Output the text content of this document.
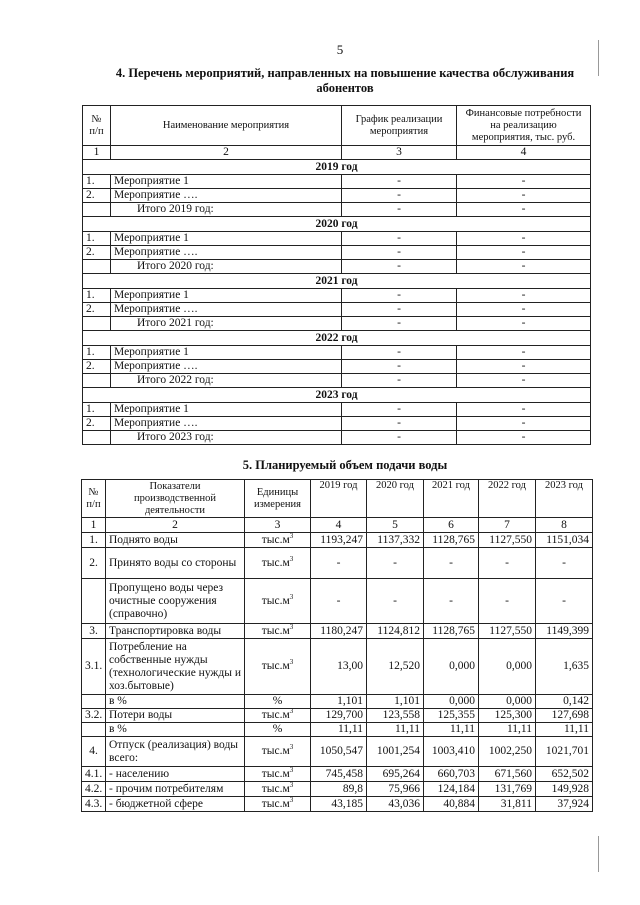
5
4. Перечень мероприятий, направленных на повышение качества обслуживания
абонентов
№ п/п	Наименование мероприятия	График реализации мероприятия	Финансовые потребности на реализацию мероприятия, тыс. руб.
1	2	3	4
2019 год			
1.	Мероприятие 1	-	-
2.	Мероприятие ….	-	-
	Итого 2019 год:	-	-
2020 год			
1.	Мероприятие 1	-	-
2.	Мероприятие ….	-	-
	Итого 2020 год:	-	-
2021 год			
1.	Мероприятие 1	-	-
2.	Мероприятие ….	-	-
	Итого 2021 год:	-	-
2022 год			
1.	Мероприятие 1	-	-
2.	Мероприятие ….	-	-
	Итого 2022 год:	-	-
2023 год			
1.	Мероприятие 1	-	-
2.	Мероприятие ….	-	-
	Итого 2023 год:	-	-
5. Планируемый объем подачи воды
№ п/п	Показатели производственной деятельности	Единицы измерения	2019 год	2020 год	2021 год	2022 год	2023 год
1	2	3	4	5	6	7	8
1.	Поднято воды	$тыс.м^3$	1193,247	1137,332	1128,765	1127,550	1151,034
2.	Принято воды со стороны	$тыс.м^3$	-	-	-	-	-
	Пропущено воды через очистные сооружения (справочно)	$тыс.м^3$	-	-	-	-	-
3.	Транспортировка воды	$тыс.м^3$	1180,247	1124,812	1128,765	1127,550	1149,399
3.1.	Потребление на собственные нужды (технологические нужды и хоз.бытовые)	$тыс.м^3$	13,00	12,520	0,000	0,000	1,635
	в %	%	1,101	1,101	0,000	0,000	0,142
3.2.	Потери воды	$тыс.м^3$	129,700	123,558	125,355	125,300	127,698
	в %	%	11,11	11,11	11,11	11,11	11,11
4.	Отпуск (реализация) воды всего:	$тыс.м^3$	1050,547	1001,254	1003,410	1002,250	1021,701
4.1.	- населению	$тыс.м^3$	745,458	695,264	660,703	671,560	652,502
4.2.	- прочим потребителям	$тыс.м^3$	89,8	75,966	124,184	131,769	149,928
4.3.	- бюджетной сфере	$тыс.м^3$	43,185	43,036	40,884	31,811	37,924
